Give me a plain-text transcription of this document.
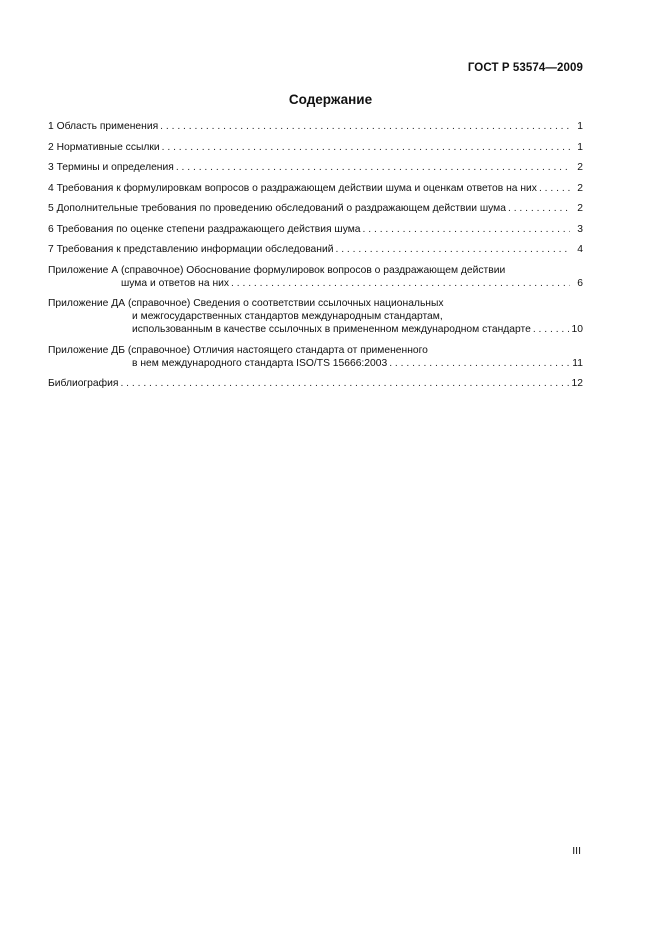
ГОСТ Р 53574—2009
Содержание
1 Область применения . . .	1
2 Нормативные ссылки . . .	1
3 Термины и определения . . .	2
4 Требования к формулировкам вопросов о раздражающем действии шума и оценкам ответов на них . . .	2
5 Дополнительные требования по проведению обследований о раздражающем действии шума . . .	2
6 Требования по оценке степени раздражающего действия шума . . .	3
7 Требования к представлению информации обследований . . .	4
Приложение А (справочное) Обоснование формулировок вопросов о раздражающем действии
шума и ответов на них . . .	6
Приложение ДА (справочное) Сведения о соответствии ссылочных национальных
и межгосударственных стандартов международным стандартам,
использованным в качестве ссылочных в примененном международном стандарте . . .	10
Приложение ДБ (справочное) Отличия настоящего стандарта от примененного
в нем международного стандарта ISO/TS 15666:2003 . . .	11
Библиография . . .	12
III
